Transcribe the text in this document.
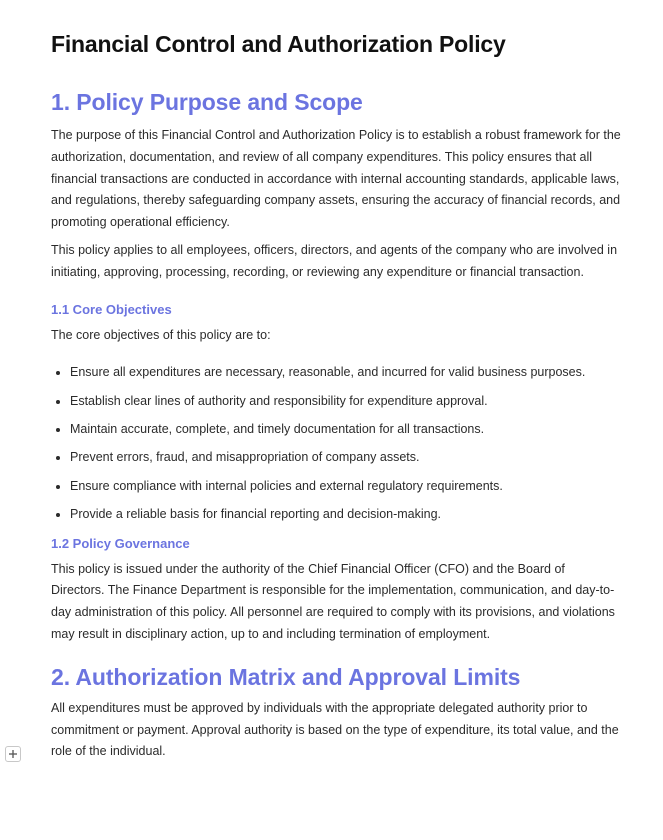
Financial Control and Authorization Policy
1. Policy Purpose and Scope

The purpose of this Financial Control and Authorization Policy is to establish a robust framework for the authorization, documentation, and review of all company expenditures. This policy ensures that all financial transactions are conducted in accordance with internal accounting standards, applicable laws, and regulations, thereby safeguarding company assets, ensuring the accuracy of financial records, and promoting operational efficiency.

This policy applies to all employees, officers, directors, and agents of the company who are involved in initiating, approving, processing, recording, or reviewing any expenditure or financial transaction.

1.1 Core Objectives

The core objectives of this policy are to:

Ensure all expenditures are necessary, reasonable, and incurred for valid business purposes.
Establish clear lines of authority and responsibility for expenditure approval.
Maintain accurate, complete, and timely documentation for all transactions.
Prevent errors, fraud, and misappropriation of company assets.
Ensure compliance with internal policies and external regulatory requirements.
Provide a reliable basis for financial reporting and decision-making.
1.2 Policy Governance

This policy is issued under the authority of the Chief Financial Officer (CFO) and the Board of Directors. The Finance Department is responsible for the implementation, communication, and day-to-day administration of this policy. All personnel are required to comply with its provisions, and violations may result in disciplinary action, up to and including termination of employment.

2. Authorization Matrix and Approval Limits

All expenditures must be approved by individuals with the appropriate delegated authority prior to commitment or payment. Approval authority is based on the type of expenditure, its total value, and the role of the individual.
